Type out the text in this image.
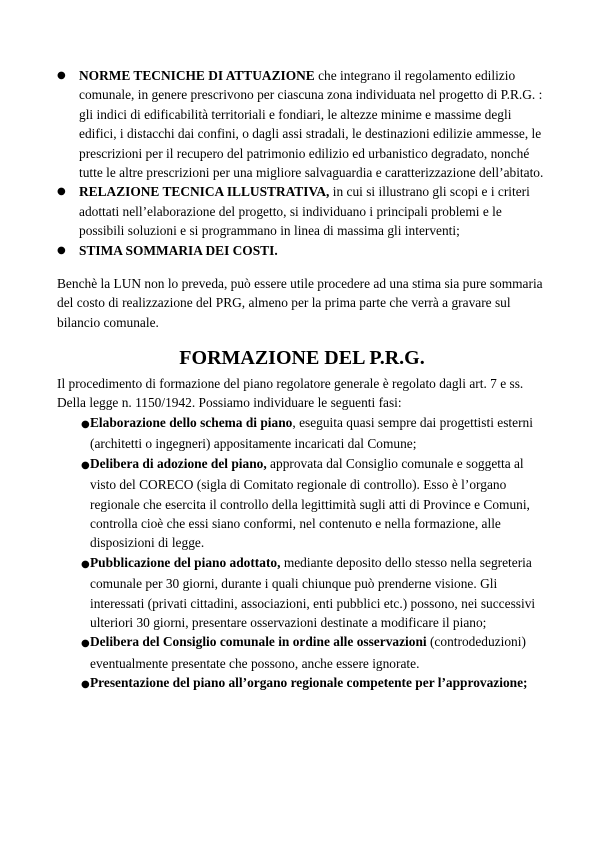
● NORME TECNICHE DI ATTUAZIONE che integrano il regolamento edilizio comunale, in genere prescrivono per ciascuna zona individuata nel progetto di P.R.G. : gli indici di edificabilità territoriali e fondiari, le altezze minime e massime degli edifici, i distacchi dai confini, o dagli assi stradali, le destinazioni edilizie ammesse, le prescrizioni per il recupero del patrimonio edilizio ed urbanistico degradato, nonché tutte le altre prescrizioni per una migliore salvaguardia e caratterizzazione dell’abitato.
● RELAZIONE TECNICA ILLUSTRATIVA, in cui si illustrano gli scopi e i criteri adottati nell’elaborazione del progetto, si individuano i principali problemi e le possibili soluzioni e si programmano in linea di massima gli interventi;
● STIMA SOMMARIA DEI COSTI.
Benchè la LUN non lo preveda, può essere utile procedere ad una stima sia pure sommaria del costo di realizzazione del PRG, almeno per la prima parte che verrà a gravare sul bilancio comunale.
FORMAZIONE DEL P.R.G.
Il procedimento di formazione del piano regolatore generale è regolato dagli art. 7 e ss. Della legge n. 1150/1942. Possiamo individuare le seguenti fasi:
●Elaborazione dello schema di piano, eseguita quasi sempre dai progettisti esterni (architetti o ingegneri) appositamente incaricati dal Comune;
●Delibera di adozione del piano, approvata dal Consiglio comunale e soggetta al visto del CORECO (sigla di Comitato regionale di controllo). Esso è l’organo regionale che esercita il controllo della legittimità sugli atti di Province e Comuni, controlla cioè che essi siano conformi, nel contenuto e nella formazione, alle disposizioni di legge.
●Pubblicazione del piano adottato, mediante deposito dello stesso nella segreteria comunale per 30 giorni, durante i quali chiunque può prenderne visione. Gli interessati (privati cittadini, associazioni, enti pubblici etc.) possono, nei successivi ulteriori 30 giorni, presentare osservazioni destinate a modificare il piano;
●Delibera del Consiglio comunale in ordine alle osservazioni (controdeduzioni) eventualmente presentate che possono, anche essere ignorate.
●Presentazione del piano all’organo regionale competente per l’approvazione;
